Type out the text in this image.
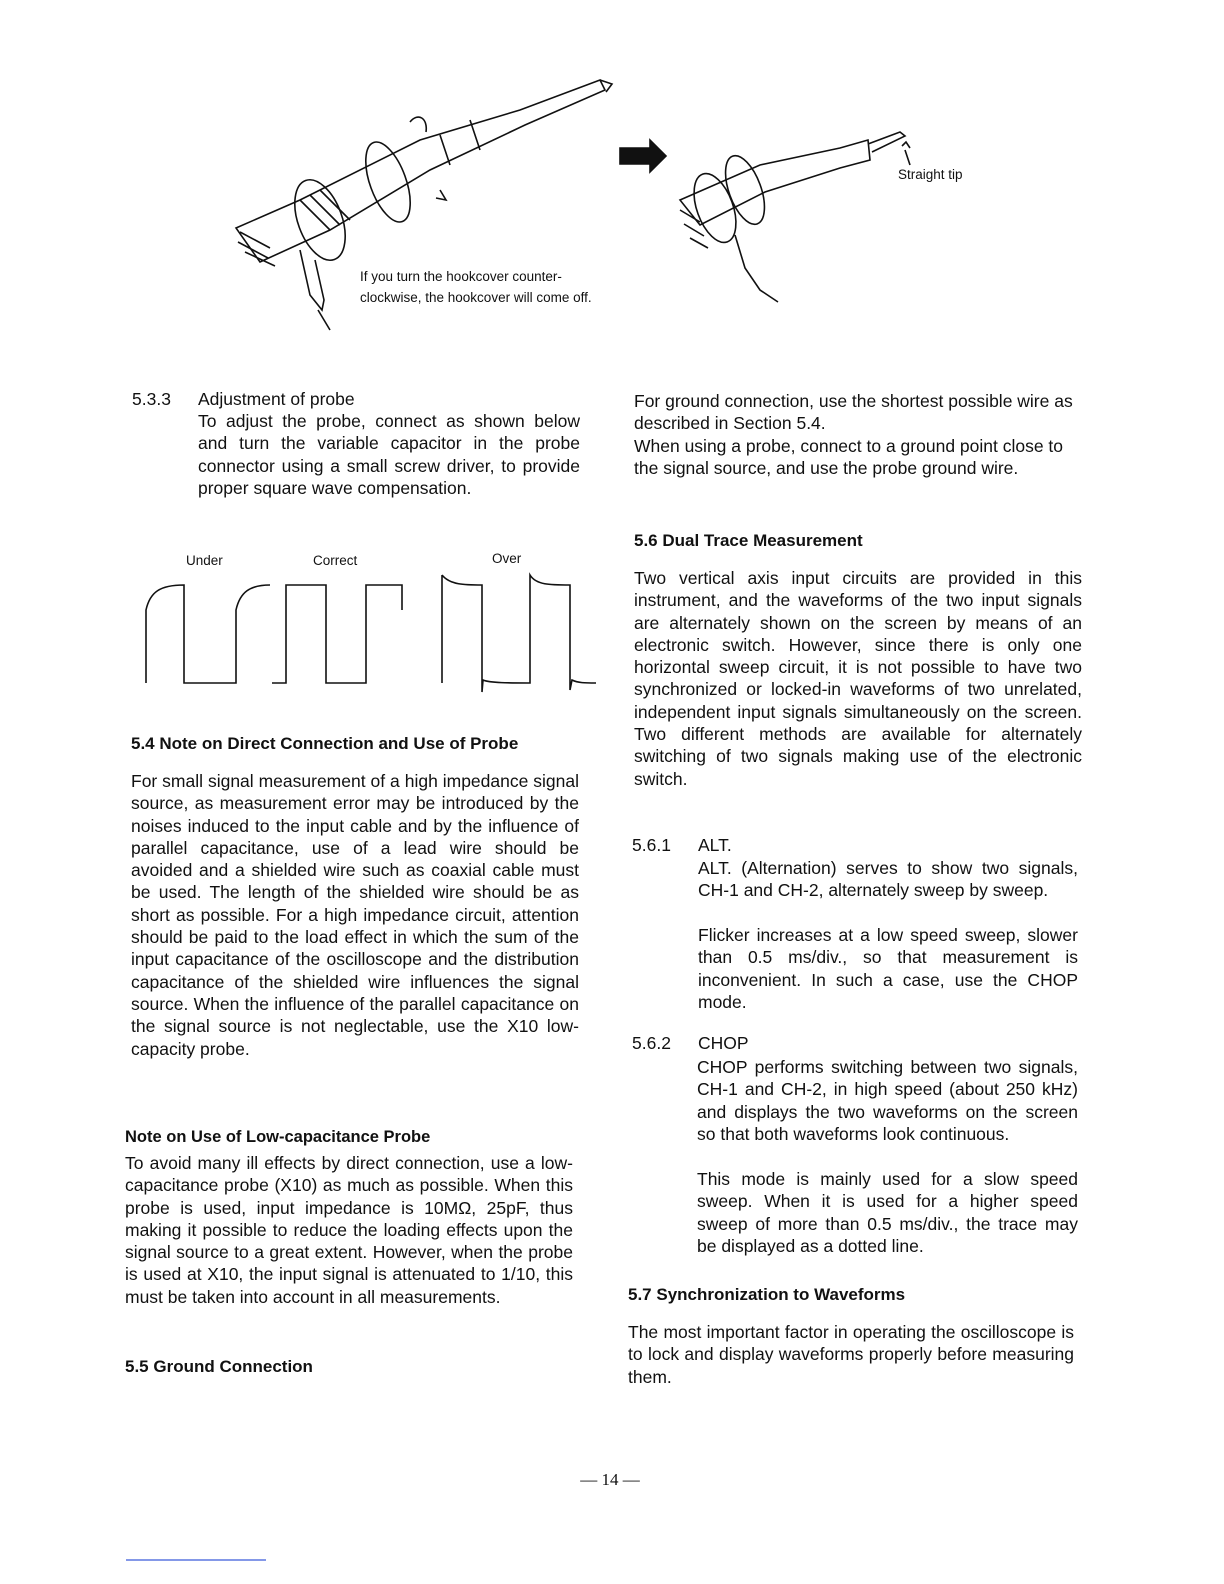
If you turn the hookcover counter-
clockwise, the hookcover will come off.
Straight tip
5.3.3 Adjustment of probe

To adjust the probe, connect as shown below and turn the variable capacitor in the probe connector using a small screw driver, to provide proper square wave compensation.

Under	Correct	Over
5.4 Note on Direct Connection and Use of Probe

For small signal measurement of a high impedance signal source, as measurement error may be introduced by the noises induced to the input cable and by the influence of parallel capacitance, use of a lead wire should be avoided and a shielded wire such as coaxial cable must be used. The length of the shielded wire should be as short as possible. For a high impedance circuit, attention should be paid to the load effect in which the sum of the input capacitance of the oscilloscope and the distribution capacitance of the shielded wire influences the signal source. When the influence of the parallel capacitance on the signal source is not neglectable, use the X10 low-capacity probe.

Note on Use of Low-capacitance Probe

To avoid many ill effects by direct connection, use a low-capacitance probe (X10) as much as possible. When this probe is used, input impedance is 10MΩ, 25pF, thus making it possible to reduce the loading effects upon the signal source to a great extent. However, when the probe is used at X10, the input signal is attenuated to 1/10, this must be taken into account in all measurements.

5.5 Ground Connection

For ground connection, use the shortest possible wire as described in Section 5.4.
When using a probe, connect to a ground point close to the signal source, and use the probe ground wire.

5.6 Dual Trace Measurement

Two vertical axis input circuits are provided in this instrument, and the waveforms of the two input signals are alternately shown on the screen by means of an electronic switch. However, since there is only one horizontal sweep circuit, it is not possible to have two synchronized or locked-in waveforms of two unrelated, independent input signals simultaneously on the screen. Two different methods are available for alternately switching of two signals making use of the electronic switch.

5.6.1 ALT.

ALT. (Alternation) serves to show two signals, CH-1 and CH-2, alternately sweep by sweep.

Flicker increases at a low speed sweep, slower than 0.5 ms/div., so that measurement is inconvenient. In such a case, use the CHOP mode.

5.6.2 CHOP

CHOP performs switching between two signals, CH-1 and CH-2, in high speed (about 250 kHz) and displays the two waveforms on the screen so that both waveforms look continuous.

This mode is mainly used for a slow speed sweep. When it is used for a higher speed sweep of more than 0.5 ms/div., the trace may be displayed as a dotted line.

5.7 Synchronization to Waveforms

The most important factor in operating the oscilloscope is to lock and display waveforms properly before measuring them.

— 14 —
